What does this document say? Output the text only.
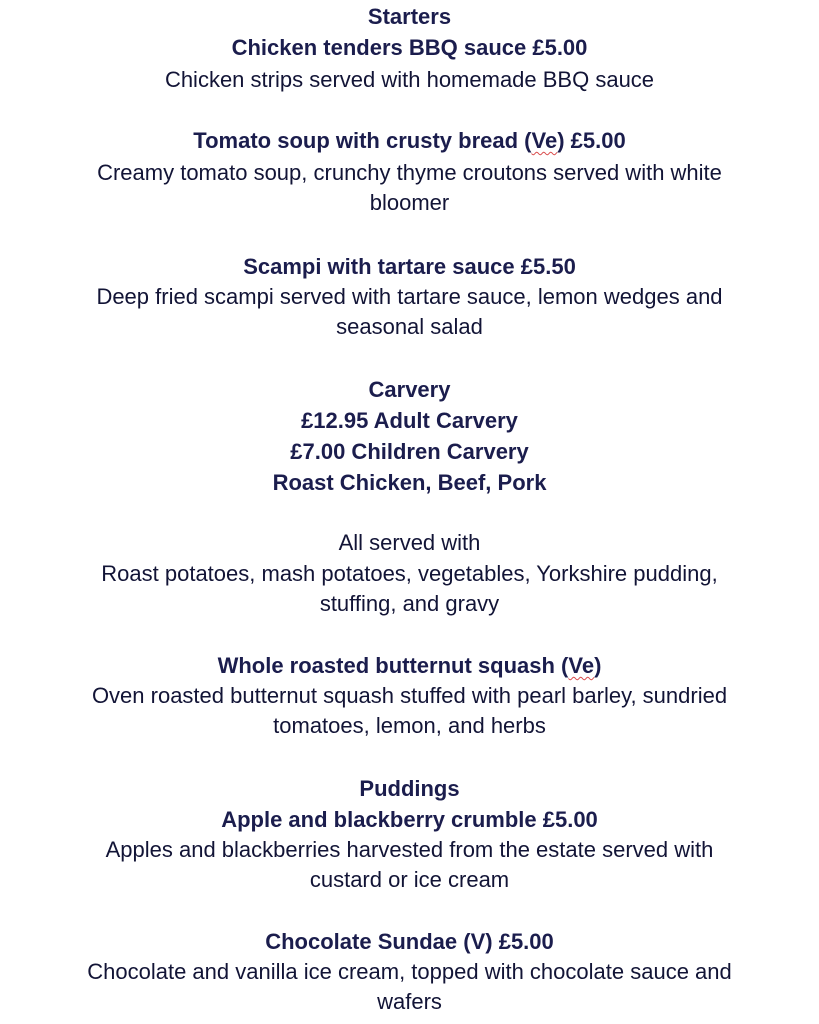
Starters
Chicken tenders BBQ sauce £5.00
Chicken strips served with homemade BBQ sauce
Tomato soup with crusty bread (Ve) £5.00
Creamy tomato soup, crunchy thyme croutons served with white
bloomer
Scampi with tartare sauce £5.50
Deep fried scampi served with tartare sauce, lemon wedges and
seasonal salad
Carvery
£12.95 Adult Carvery
£7.00 Children Carvery
Roast Chicken, Beef, Pork
All served with
Roast potatoes, mash potatoes, vegetables, Yorkshire pudding,
stuffing, and gravy
Whole roasted butternut squash (Ve)
Oven roasted butternut squash stuffed with pearl barley, sundried
tomatoes, lemon, and herbs
Puddings
Apple and blackberry crumble £5.00
Apples and blackberries harvested from the estate served with
custard or ice cream
Chocolate Sundae (V) £5.00
Chocolate and vanilla ice cream, topped with chocolate sauce and
wafers
